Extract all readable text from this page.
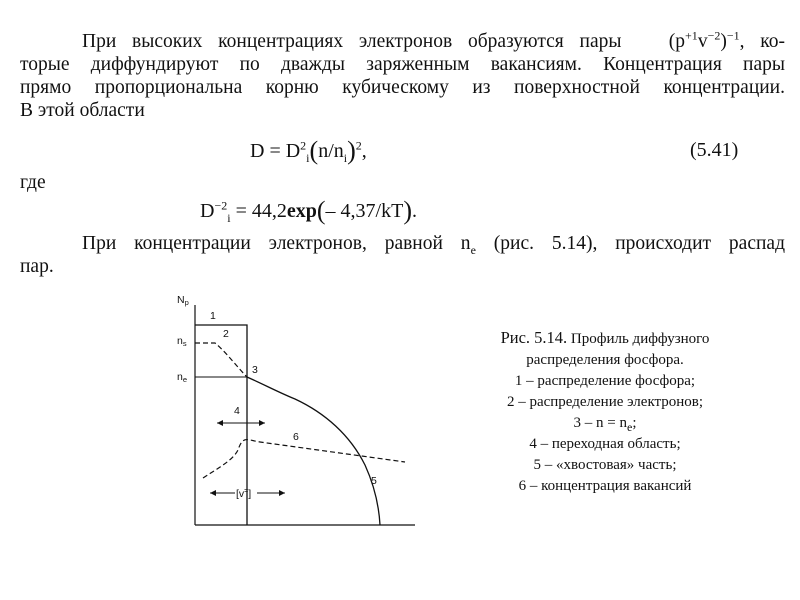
При высоких концентрациях электронов образуются пары $(p^{+1}v^{-2})^{-1}$, ко-
торые диффундируют по дважды заряженным вакансиям. Концентрация пары
прямо пропорциональна корню кубическому из поверхностной концентрации.
В этой области
$D = D^2_i(n/n_i)^2$,	(5.41)
где
$D^{-2}_i = 44,2\exp(-$ 4,37/kT).
При концентрации электронов, равной $n_e$ (рис. 5.14), происходит распад
пар.
Np
ns
ne
1
2
3
4
6
5
[v=]
Рис. 5.14. Профиль диффузного
распределения фосфора.
1 – распределение фосфора;
2 – распределение электронов;
$3 - n = n_e$;
4 – переходная область;
5 – «хвостовая» часть;
6 – концентрация вакансий
